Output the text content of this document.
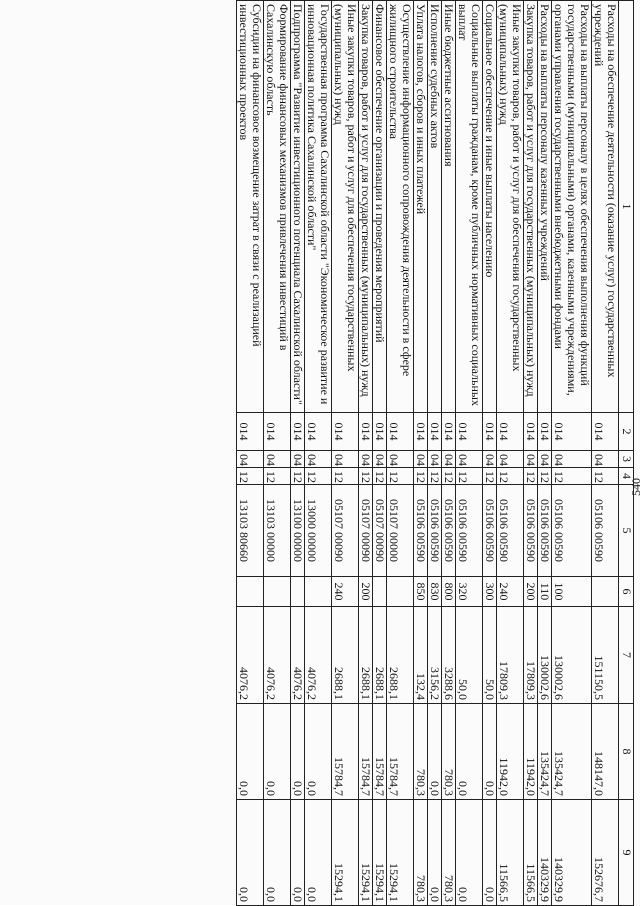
540
1	2	3	4	5	6	7	8	9
Расходы на обеспечение деятельности (оказание услуг) государственных учреждений	014	04	12	05106 00590		151150,5	148147,0	152676,7
Расходы на выплаты персоналу в целях обеспечения выполнения функций государственными (муниципальными) органами, казенными учреждениями, органами управления государственными внебюджетными фондами	014	04	12	05106 00590	100	130002,6	135424,7	140329,9
Расходы на выплаты персоналу казенных учреждений	014	04	12	05106 00590	110	130002,6	135424,7	140329,9
Закупка товаров, работ и услуг для государственных (муниципальных) нужд	014	04	12	05106 00590	200	17809,3	11942,0	11566,5
Иные закупки товаров, работ и услуг для обеспечения государственных (муниципальных) нужд	014	04	12	05106 00590	240	17809,3	11942,0	11566,5
Социальное обеспечение и иные выплаты населению	014	04	12	05106 00590	300	50,0	0,0	0,0
Социальные выплаты гражданам, кроме публичных нормативных социальных выплат	014	04	12	05106 00590	320	50,0	0,0	0,0
Иные бюджетные ассигнования	014	04	12	05106 00590	800	3288,6	780,3	780,3
Исполнение судебных актов	014	04	12	05106 00590	830	3156,2	0,0	0,0
Уплата налогов, сборов и иных платежей	014	04	12	05106 00590	850	132,4	780,3	780,3
Осуществление информационного сопровождения деятельности в сфере жилищного строительства	014	04	12	05107 00000		2688,1	15784,7	15294,1
Финансовое обеспечение организации и проведения мероприятий	014	04	12	05107 00090		2688,1	15784,7	15294,1
Закупка товаров, работ и услуг для государственных (муниципальных) нужд	014	04	12	05107 00090	200	2688,1	15784,7	15294,1
Иные закупки товаров, работ и услуг для обеспечения государственных (муниципальных) нужд	014	04	12	05107 00090	240	2688,1	15784,7	15294,1
Государственная программа Сахалинской области "Экономическое развитие и инновационная политика Сахалинской области"	014	04	12	13000 00000		4076,2	0,0	0,0
Подпрограмма "Развитие инвестиционного потенциала Сахалинской области"	014	04	12	13100 00000		4076,2	0,0	0,0
Формирование финансовых механизмов привлечения инвестиций в Сахалинскую область	014	04	12	13103 00000		4076,2	0,0	0,0
Субсидии на финансовое возмещение затрат в связи с реализацией инвестиционных проектов	014	04	12	13103 80660		4076,2	0,0	0,0
